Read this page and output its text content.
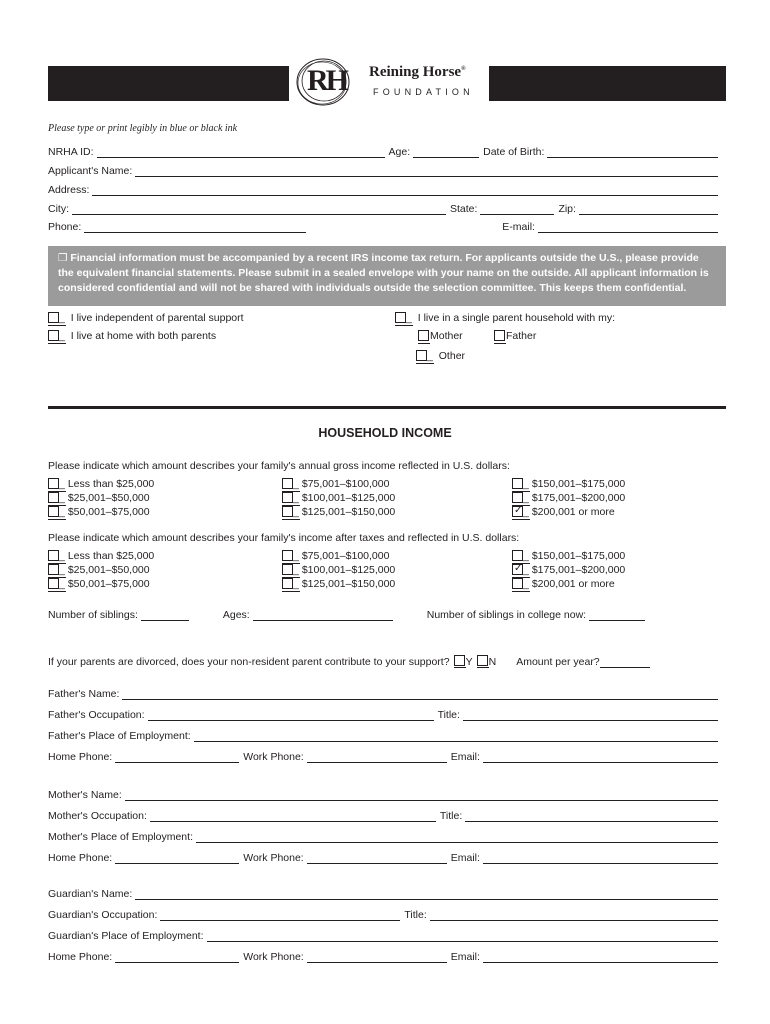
RH Reining Horse®
FOUNDATION
Please type or print legibly in blue or black ink
NRHA ID:	Age:	Date of Birth:
Applicant's Name:
Address:
City:	State:	Zip:
Phone:	E-mail:
❐ Financial information must be accompanied by a recent IRS income tax return. For applicants outside the U.S., please provide the equivalent financial statements. Please submit in a sealed envelope with your name on the outside. All applicant information is considered confidential and will not be shared with individuals outside the selection committee. This keeps them confidential.
_ I live independent of parental support
_ I live at home with both parents
_ I live in a single parent household with my:
Mother	Father
_ Other
HOUSEHOLD INCOME
Please indicate which amount describes your family's annual gross income reflected in U.S. dollars:
_ Less than $25,000
_ $25,001–$50,000
_ $50,001–$75,000
_ $75,001–$100,000
_ $100,001–$125,000
_ $125,001–$150,000
_ $150,001–$175,000
_ $175,001–$200,000
✓_ $200,001 or more
Please indicate which amount describes your family's income after taxes and reflected in U.S. dollars:
_ Less than $25,000
_ $25,001–$50,000
_ $50,001–$75,000
_ $75,001–$100,000
_ $100,001–$125,000
_ $125,001–$150,000
_ $150,001–$175,000
✓_ $175,001–$200,000
_ $200,001 or more
Number of siblings:	Ages:	Number of siblings in college now:
If your parents are divorced, does your non-resident parent contribute to your support? Y N Amount per year?
Father's Name:
Father's Occupation:	Title:
Father's Place of Employment:
Home Phone:	Work Phone:	Email:
Mother's Name:
Mother's Occupation:	Title:
Mother's Place of Employment:
Home Phone:	Work Phone:	Email:
Guardian's Name:
Guardian's Occupation:	Title:
Guardian's Place of Employment:
Home Phone:	Work Phone:	Email:
